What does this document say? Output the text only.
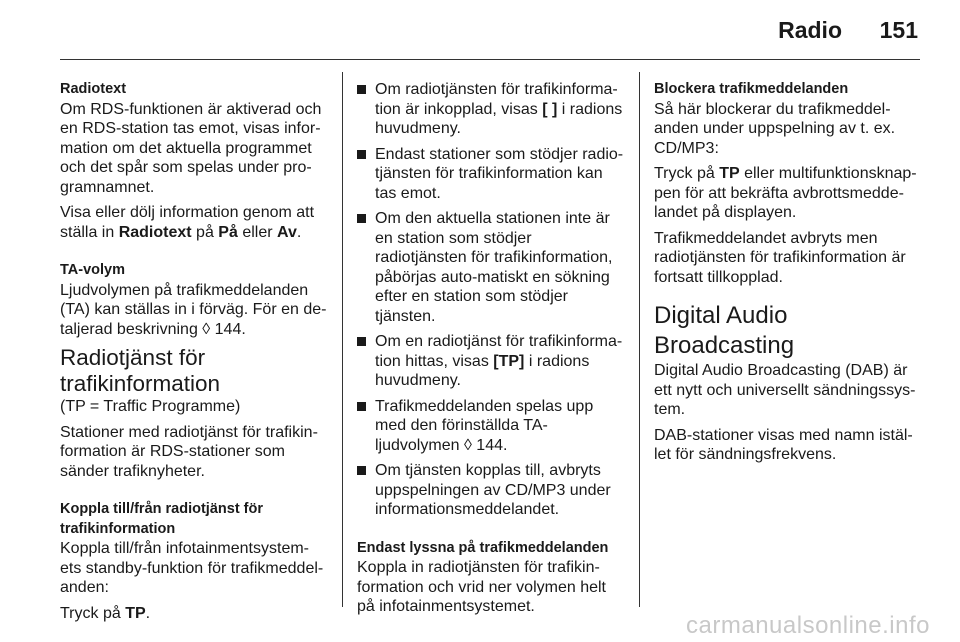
Radio 151
Radiotext

Om RDS-funktionen är aktiverad och en RDS-station tas emot, visas infor-mation om det aktuella programmet och det spår som spelas under pro-gramnamnet.

Visa eller dölj information genom att ställa in Radiotext på På eller Av.

TA-volym

Ljudvolymen på trafikmeddelanden (TA) kan ställas in i förväg. För en de-taljerad beskrivning ◊ 144.

Radiotjänst för trafikinformation

(TP = Traffic Programme)

Stationer med radiotjänst för trafikin-formation är RDS-stationer som sänder trafiknyheter.

Koppla till/från radiotjänst för trafikinformation

Koppla till/från infotainmentsystem-ets standby-funktion för trafikmeddel-anden:

Tryck på TP.

Om radiotjänsten för trafikinforma-tion är inkopplad, visas [ ] i radions huvudmeny.
Endast stationer som stödjer radio-tjänsten för trafikinformation kan tas emot.
Om den aktuella stationen inte är en station som stödjer radiotjänsten för trafikinformation, påbörjas auto-matiskt en sökning efter en station som stödjer tjänsten.
Om en radiotjänst för trafikinforma-tion hittas, visas [TP] i radions huvudmeny.
Trafikmeddelanden spelas upp med den förinställda TA-ljudvolymen ◊ 144.
Om tjänsten kopplas till, avbryts uppspelningen av CD/MP3 under informationsmeddelandet.
Endast lyssna på trafikmeddelanden

Koppla in radiotjänsten för trafikin-formation och vrid ner volymen helt på infotainmentsystemet.

Blockera trafikmeddelanden

Så här blockerar du trafikmeddel-anden under uppspelning av t. ex. CD/MP3:

Tryck på TP eller multifunktionsknap-pen för att bekräfta avbrottsmedde-landet på displayen.

Trafikmeddelandet avbryts men radiotjänsten för trafikinformation är fortsatt tillkopplad.

Digital Audio Broadcasting

Digital Audio Broadcasting (DAB) är ett nytt och universellt sändningssys-tem.

DAB-stationer visas med namn istäl-let för sändningsfrekvens.

carmanualsonline.info
